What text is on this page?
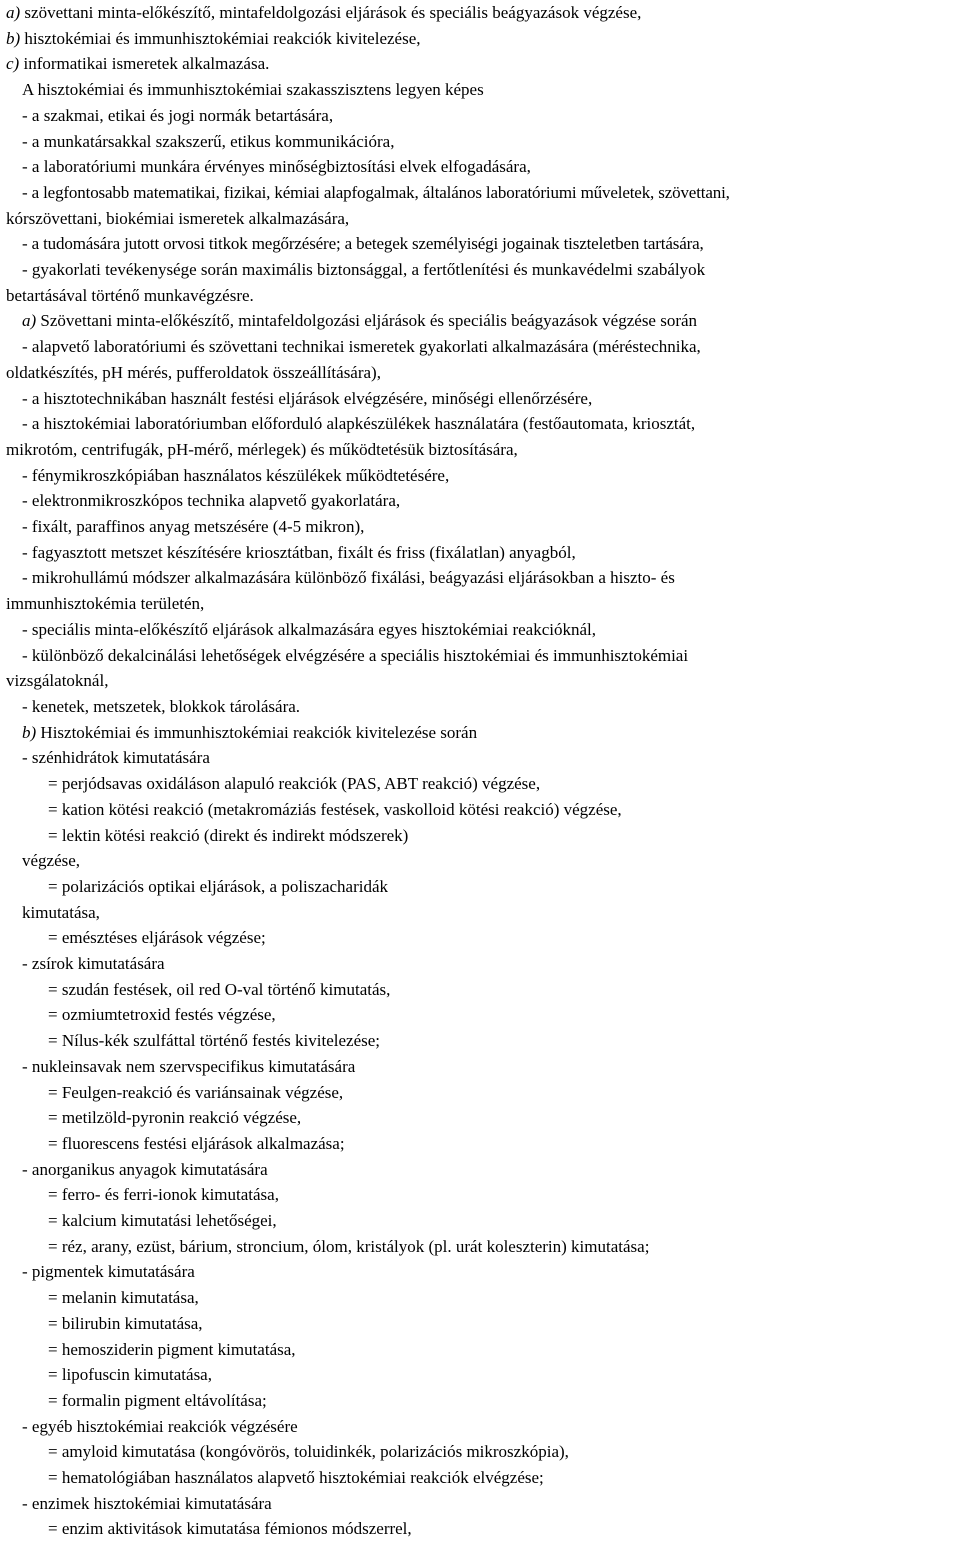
a) szövettani minta-előkészítő, mintafeldolgozási eljárások és speciális beágyazások végzése,

b) hisztokémiai és immunhisztokémiai reakciók kivitelezése,

c) informatikai ismeretek alkalmazása.

A hisztokémiai és immunhisztokémiai szakasszisztens legyen képes

- a szakmai, etikai és jogi normák betartására,

- a munkatársakkal szakszerű, etikus kommunikációra,

- a laboratóriumi munkára érvényes minőségbiztosítási elvek elfogadására,

- a legfontosabb matematikai, fizikai, kémiai alapfogalmak, általános laboratóriumi műveletek, szövettani,

kórszövettani, biokémiai ismeretek alkalmazására,

- a tudomására jutott orvosi titkok megőrzésére; a betegek személyiségi jogainak tiszteletben tartására,

- gyakorlati tevékenysége során maximális biztonsággal, a fertőtlenítési és munkavédelmi szabályok

betartásával történő munkavégzésre.

a) Szövettani minta-előkészítő, mintafeldolgozási eljárások és speciális beágyazások végzése során

- alapvető laboratóriumi és szövettani technikai ismeretek gyakorlati alkalmazására (méréstechnika,

oldatkészítés, pH mérés, pufferoldatok összeállítására),

- a hisztotechnikában használt festési eljárások elvégzésére, minőségi ellenőrzésére,

- a hisztokémiai laboratóriumban előforduló alapkészülékek használatára (festőautomata, kriosztát,

mikrotóm, centrifugák, pH-mérő, mérlegek) és működtetésük biztosítására,

- fénymikroszkópiában használatos készülékek működtetésére,

- elektronmikroszkópos technika alapvető gyakorlatára,

- fixált, paraffinos anyag metszésére (4-5 mikron),

- fagyasztott metszet készítésére kriosztátban, fixált és friss (fixálatlan) anyagból,

- mikrohullámú módszer alkalmazására különböző fixálási, beágyazási eljárásokban a hiszto- és

immunhisztokémia területén,

- speciális minta-előkészítő eljárások alkalmazására egyes hisztokémiai reakcióknál,

- különböző dekalcinálási lehetőségek elvégzésére a speciális hisztokémiai és immunhisztokémiai

vizsgálatoknál,

- kenetek, metszetek, blokkok tárolására.

b) Hisztokémiai és immunhisztokémiai reakciók kivitelezése során

- szénhidrátok kimutatására

= perjódsavas oxidáláson alapuló reakciók (PAS, ABT reakció) végzése,

= kation kötési reakció (metakromáziás festések, vaskolloid kötési reakció) végzése,

= lektin kötési reakció (direkt és indirekt módszerek)

végzése,

= polarizációs optikai eljárások, a poliszacharidák

kimutatása,

= emésztéses eljárások végzése;

- zsírok kimutatására

= szudán festések, oil red O-val történő kimutatás,

= ozmiumtetroxid festés végzése,

= Nílus-kék szulfáttal történő festés kivitelezése;

- nukleinsavak nem szervspecifikus kimutatására

= Feulgen-reakció és variánsainak végzése,

= metilzöld-pyronin reakció végzése,

= fluorescens festési eljárások alkalmazása;

- anorganikus anyagok kimutatására

= ferro- és ferri-ionok kimutatása,

= kalcium kimutatási lehetőségei,

= réz, arany, ezüst, bárium, stroncium, ólom, kristályok (pl. urát koleszterin) kimutatása;

- pigmentek kimutatására

= melanin kimutatása,

= bilirubin kimutatása,

= hemosziderin pigment kimutatása,

= lipofuscin kimutatása,

= formalin pigment eltávolítása;

- egyéb hisztokémiai reakciók végzésére

= amyloid kimutatása (kongóvörös, toluidinkék, polarizációs mikroszkópia),

= hematológiában használatos alapvető hisztokémiai reakciók elvégzése;

- enzimek hisztokémiai kimutatására

= enzim aktivitások kimutatása fémionos módszerrel,
